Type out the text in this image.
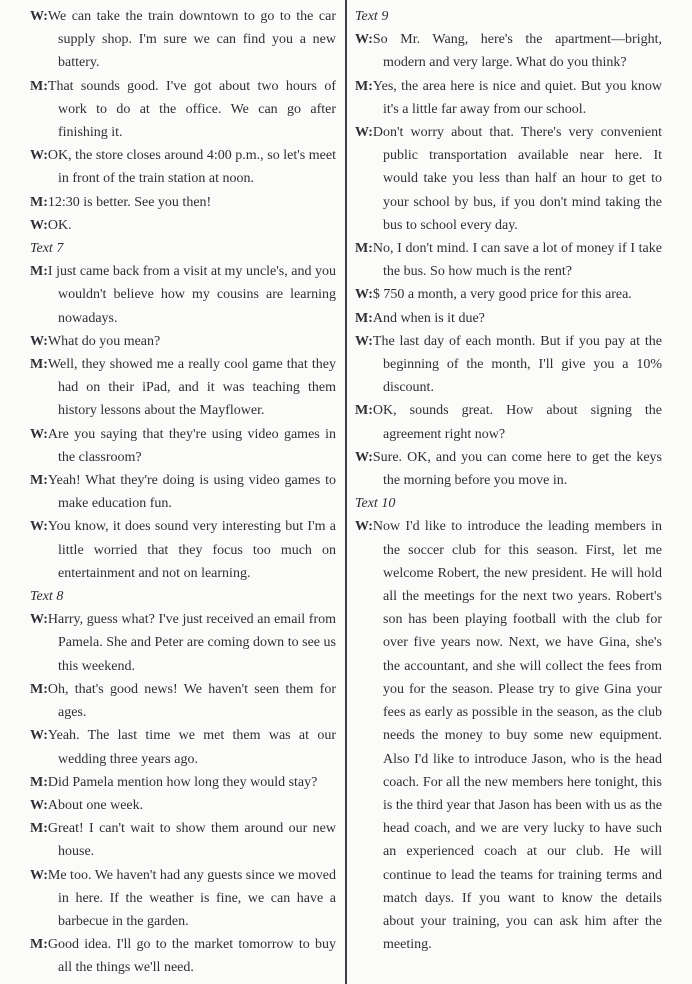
W:We can take the train downtown to go to the car supply shop. I'm sure we can find you a new battery.

M:That sounds good. I've got about two hours of work to do at the office. We can go after finishing it.

W:OK, the store closes around 4:00 p.m., so let's meet in front of the train station at noon.

M:12:30 is better. See you then!

W:OK.

Text 7

M:I just came back from a visit at my uncle's, and you wouldn't believe how my cousins are learning nowadays.

W:What do you mean?

M:Well, they showed me a really cool game that they had on their iPad, and it was teaching them history lessons about the Mayflower.

W:Are you saying that they're using video games in the classroom?

M:Yeah! What they're doing is using video games to make education fun.

W:You know, it does sound very interesting but I'm a little worried that they focus too much on entertainment and not on learning.

Text 8

W:Harry, guess what? I've just received an email from Pamela. She and Peter are coming down to see us this weekend.

M:Oh, that's good news! We haven't seen them for ages.

W:Yeah. The last time we met them was at our wedding three years ago.

M:Did Pamela mention how long they would stay?

W:About one week.

M:Great! I can't wait to show them around our new house.

W:Me too. We haven't had any guests since we moved in here. If the weather is fine, we can have a barbecue in the garden.

M:Good idea. I'll go to the market tomorrow to buy all the things we'll need.

Text 9

W:So Mr. Wang, here's the apartment—bright, modern and very large. What do you think?

M:Yes, the area here is nice and quiet. But you know it's a little far away from our school.

W:Don't worry about that. There's very convenient public transportation available near here. It would take you less than half an hour to get to your school by bus, if you don't mind taking the bus to school every day.

M:No, I don't mind. I can save a lot of money if I take the bus. So how much is the rent?

W:$ 750 a month, a very good price for this area.

M:And when is it due?

W:The last day of each month. But if you pay at the beginning of the month, I'll give you a 10% discount.

M:OK, sounds great. How about signing the agreement right now?

W:Sure. OK, and you can come here to get the keys the morning before you move in.

Text 10

W:Now I'd like to introduce the leading members in the soccer club for this season. First, let me welcome Robert, the new president. He will hold all the meetings for the next two years. Robert's son has been playing football with the club for over five years now. Next, we have Gina, she's the accountant, and she will collect the fees from you for the season. Please try to give Gina your fees as early as possible in the season, as the club needs the money to buy some new equipment. Also I'd like to introduce Jason, who is the head coach. For all the new members here tonight, this is the third year that Jason has been with us as the head coach, and we are very lucky to have such an experienced coach at our club. He will continue to lead the teams for training terms and match days. If you want to know the details about your training, you can ask him after the meeting.
